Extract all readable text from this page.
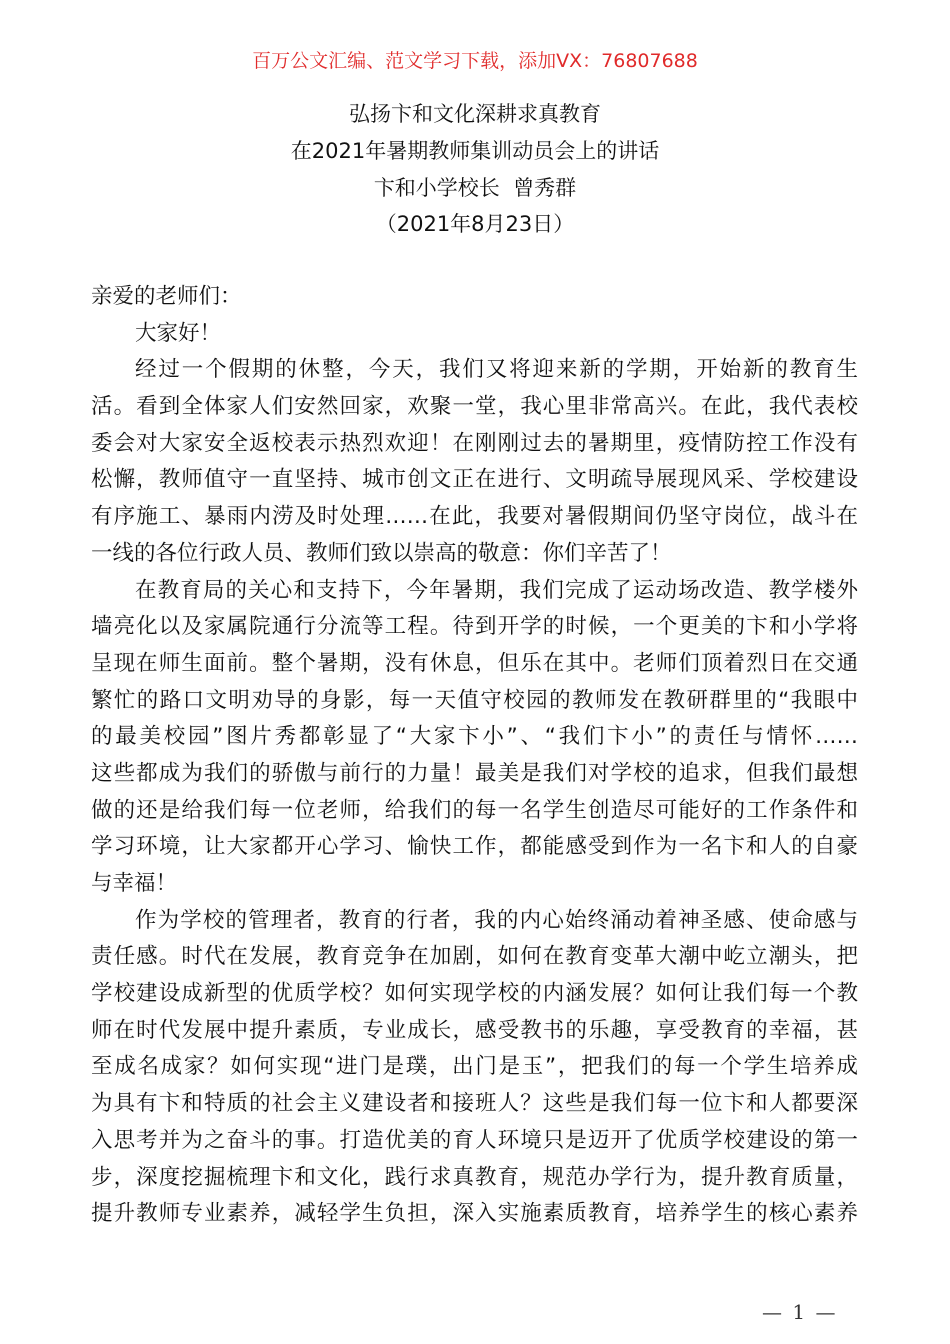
百万公文汇编、范文学习下载，添加VX：76807688
弘扬卞和文化深耕求真教育
在2021年暑期教师集训动员会上的讲话
卞和小学校长  曾秀群
（2021年8月23日）
亲爱的老师们：
大家好！
经过一个假期的休整，今天，我们又将迎来新的学期，开始新的教育生
活。看到全体家人们安然回家，欢聚一堂，我心里非常高兴。在此，我代表校
委会对大家安全返校表示热烈欢迎！在刚刚过去的暑期里，疫情防控工作没有
松懈，教师值守一直坚持、城市创文正在进行、文明疏导展现风采、学校建设
有序施工、暴雨内涝及时处理……在此，我要对暑假期间仍坚守岗位，战斗在
一线的各位行政人员、教师们致以崇高的敬意：你们辛苦了！
在教育局的关心和支持下，今年暑期，我们完成了运动场改造、教学楼外
墙亮化以及家属院通行分流等工程。待到开学的时候，一个更美的卞和小学将
呈现在师生面前。整个暑期，没有休息，但乐在其中。老师们顶着烈日在交通
繁忙的路口文明劝导的身影，每一天值守校园的教师发在教研群里的“我眼中
的最美校园”图片秀都彰显了“大家卞小”、“我们卞小”的责任与情怀……
这些都成为我们的骄傲与前行的力量！最美是我们对学校的追求，但我们最想
做的还是给我们每一位老师，给我们的每一名学生创造尽可能好的工作条件和
学习环境，让大家都开心学习、愉快工作，都能感受到作为一名卞和人的自豪
与幸福！
作为学校的管理者，教育的行者，我的内心始终涌动着神圣感、使命感与
责任感。时代在发展，教育竞争在加剧，如何在教育变革大潮中屹立潮头，把
学校建设成新型的优质学校？如何实现学校的内涵发展？如何让我们每一个教
师在时代发展中提升素质，专业成长，感受教书的乐趣，享受教育的幸福，甚
至成名成家？如何实现“进门是璞，出门是玉”，把我们的每一个学生培养成
为具有卞和特质的社会主义建设者和接班人？这些是我们每一位卞和人都要深
入思考并为之奋斗的事。打造优美的育人环境只是迈开了优质学校建设的第一
步，深度挖掘梳理卞和文化，践行求真教育，规范办学行为，提升教育质量，
提升教师专业素养，减轻学生负担，深入实施素质教育，培养学生的核心素养
— 1 —
